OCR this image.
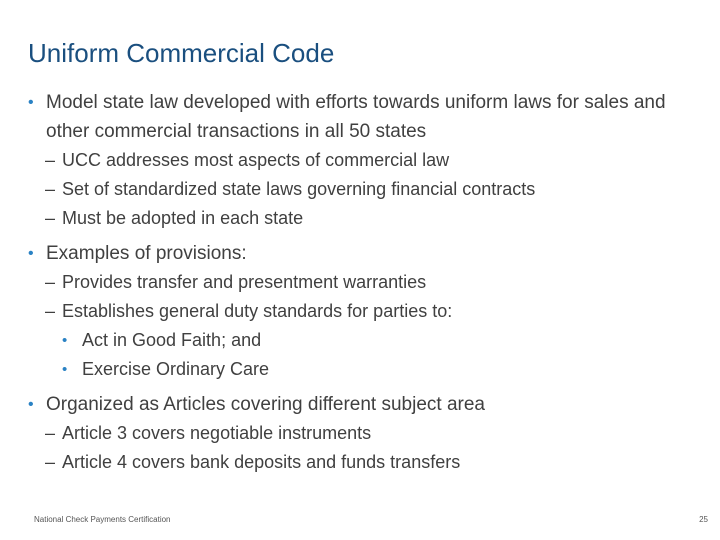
Uniform Commercial Code
• Model state law developed with efforts towards uniform laws for sales and other commercial transactions in all 50 states
– UCC addresses most aspects of commercial law
– Set of standardized state laws governing financial contracts
– Must be adopted in each state
• Examples of provisions:
– Provides transfer and presentment warranties
– Establishes general duty standards for parties to:
• Act in Good Faith; and
• Exercise Ordinary Care
• Organized as Articles covering different subject area
– Article 3 covers negotiable instruments
– Article 4 covers bank deposits and funds transfers
National Check Payments Certification	25
